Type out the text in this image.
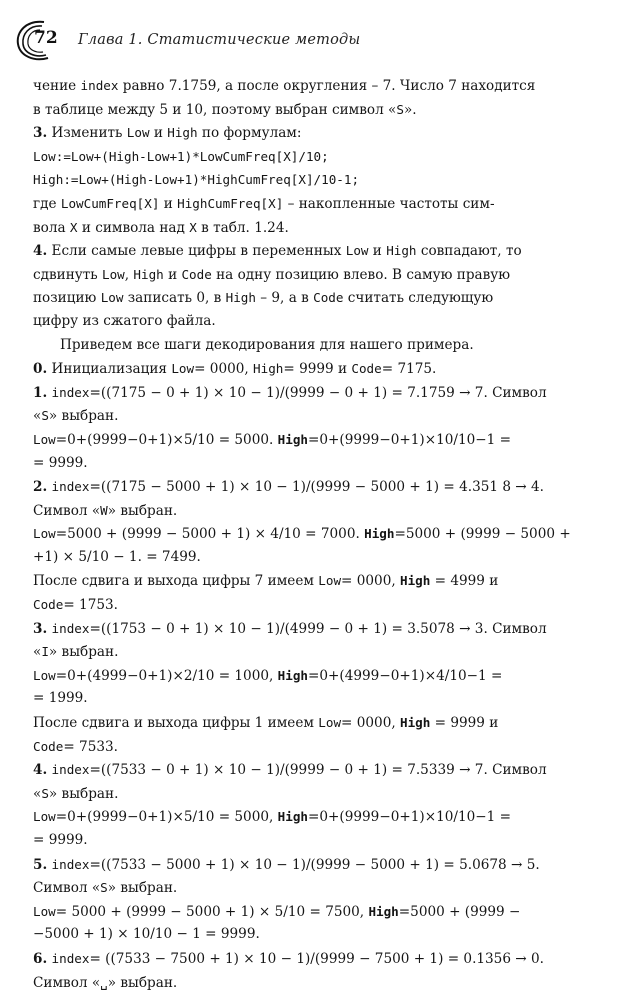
72 Глава 1. Статистические методы
чение index равно 7.1759, а после округления – 7. Число 7 находится
в таблице между 5 и 10, поэтому выбран символ «S».
3. Изменить Low и High по формулам:
Low:=Low+(High-Low+1)*LowCumFreq[X]/10;
High:=Low+(High-Low+1)*HighCumFreq[X]/10-1;
где LowCumFreq[X] и HighCumFreq[X] – накопленные частоты сим-
вола X и символа над X в табл. 1.24.
4. Если самые левые цифры в переменных Low и High совпадают, то
сдвинуть Low, High и Code на одну позицию влево. В самую правую
позицию Low записать 0, в High – 9, а в Code считать следующую
цифру из сжатого файла.
Приведем все шаги декодирования для нашего примера.
0. Инициализация Low= 0000, High= 9999 и Code= 7175.
1. index=((7175 − 0 + 1) × 10 − 1)/(9999 − 0 + 1) = 7.1759 → 7. Символ
«S» выбран.
Low=0+(9999−0+1)×5/10 = 5000. High=0+(9999−0+1)×10/10−1 =
= 9999.
2. index=((7175 − 5000 + 1) × 10 − 1)/(9999 − 5000 + 1) = 4.351 8 → 4.
Символ «W» выбран.
Low=5000 + (9999 − 5000 + 1) × 4/10 = 7000. High=5000 + (9999 − 5000 +
+1) × 5/10 − 1. = 7499.
После сдвига и выхода цифры 7 имеем Low= 0000, High = 4999 и
Code= 1753.
3. index=((1753 − 0 + 1) × 10 − 1)/(4999 − 0 + 1) = 3.5078 → 3. Символ
«I» выбран.
Low=0+(4999−0+1)×2/10 = 1000, High=0+(4999−0+1)×4/10−1 =
= 1999.
После сдвига и выхода цифры 1 имеем Low= 0000, High = 9999 и
Code= 7533.
4. index=((7533 − 0 + 1) × 10 − 1)/(9999 − 0 + 1) = 7.5339 → 7. Символ
«S» выбран.
Low=0+(9999−0+1)×5/10 = 5000, High=0+(9999−0+1)×10/10−1 =
= 9999.
5. index=((7533 − 5000 + 1) × 10 − 1)/(9999 − 5000 + 1) = 5.0678 → 5.
Символ «S» выбран.
Low= 5000 + (9999 − 5000 + 1) × 5/10 = 7500, High=5000 + (9999 −
−5000 + 1) × 10/10 − 1 = 9999.
6. index= ((7533 − 7500 + 1) × 10 − 1)/(9999 − 7500 + 1) = 0.1356 → 0.
Символ «␣» выбран.
